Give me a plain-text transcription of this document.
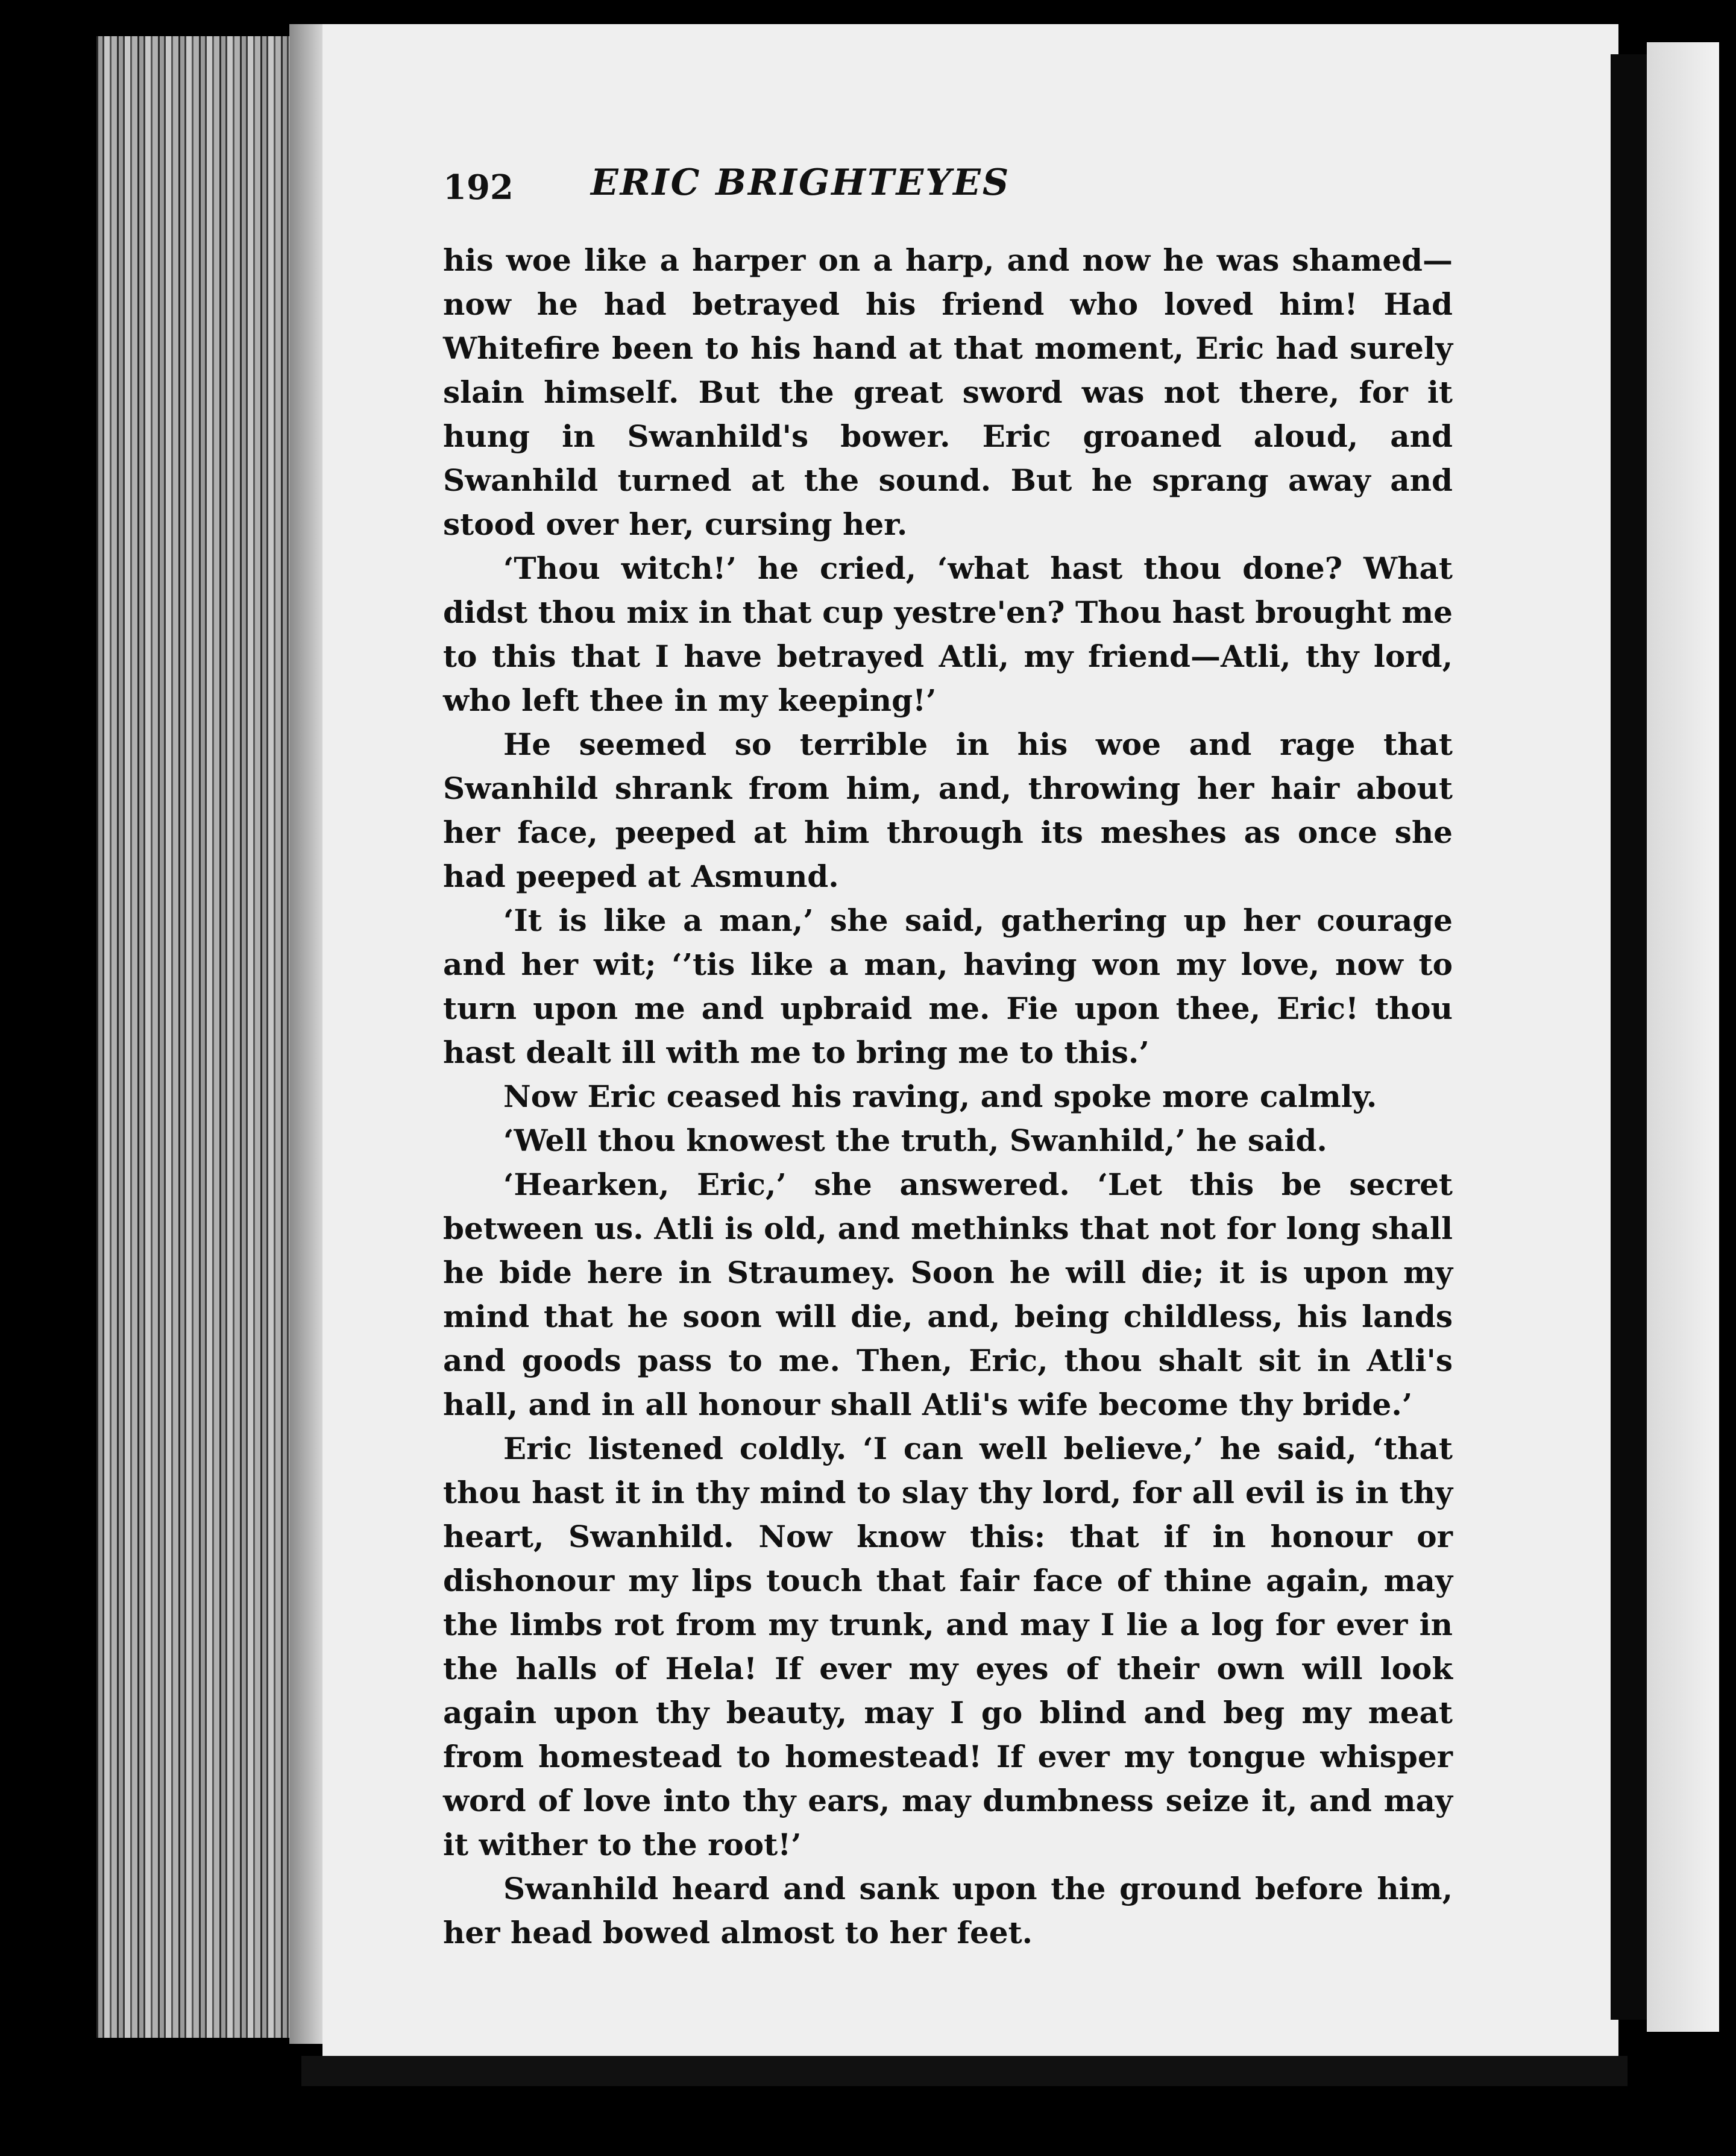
192 ERIC BRIGHTEYES

his woe like a harper on a harp, and now he was shamed—now he had betrayed his friend who loved him! Had Whitefire been to his hand at that moment, Eric had surely slain himself. But the great sword was not there, for it hung in Swanhild's bower. Eric groaned aloud, and Swanhild turned at the sound. But he sprang away and stood over her, cursing her.

‘Thou witch!’ he cried, ‘what hast thou done? What didst thou mix in that cup yestre'en? Thou hast brought me to this that I have betrayed Atli, my friend—Atli, thy lord, who left thee in my keeping!’

He seemed so terrible in his woe and rage that Swanhild shrank from him, and, throwing her hair about her face, peeped at him through its meshes as once she had peeped at Asmund.

‘It is like a man,’ she said, gathering up her courage and her wit; ‘’tis like a man, having won my love, now to turn upon me and upbraid me. Fie upon thee, Eric! thou hast dealt ill with me to bring me to this.’

Now Eric ceased his raving, and spoke more calmly.

‘Well thou knowest the truth, Swanhild,’ he said.

‘Hearken, Eric,’ she answered. ‘Let this be secret between us. Atli is old, and methinks that not for long shall he bide here in Straumey. Soon he will die; it is upon my mind that he soon will die, and, being childless, his lands and goods pass to me. Then, Eric, thou shalt sit in Atli's hall, and in all honour shall Atli's wife become thy bride.’

Eric listened coldly. ‘I can well believe,’ he said, ‘that thou hast it in thy mind to slay thy lord, for all evil is in thy heart, Swanhild. Now know this: that if in honour or dishonour my lips touch that fair face of thine again, may the limbs rot from my trunk, and may I lie a log for ever in the halls of Hela! If ever my eyes of their own will look again upon thy beauty, may I go blind and beg my meat from homestead to homestead! If ever my tongue whisper word of love into thy ears, may dumbness seize it, and may it wither to the root!’

Swanhild heard and sank upon the ground before him, her head bowed almost to her feet.
